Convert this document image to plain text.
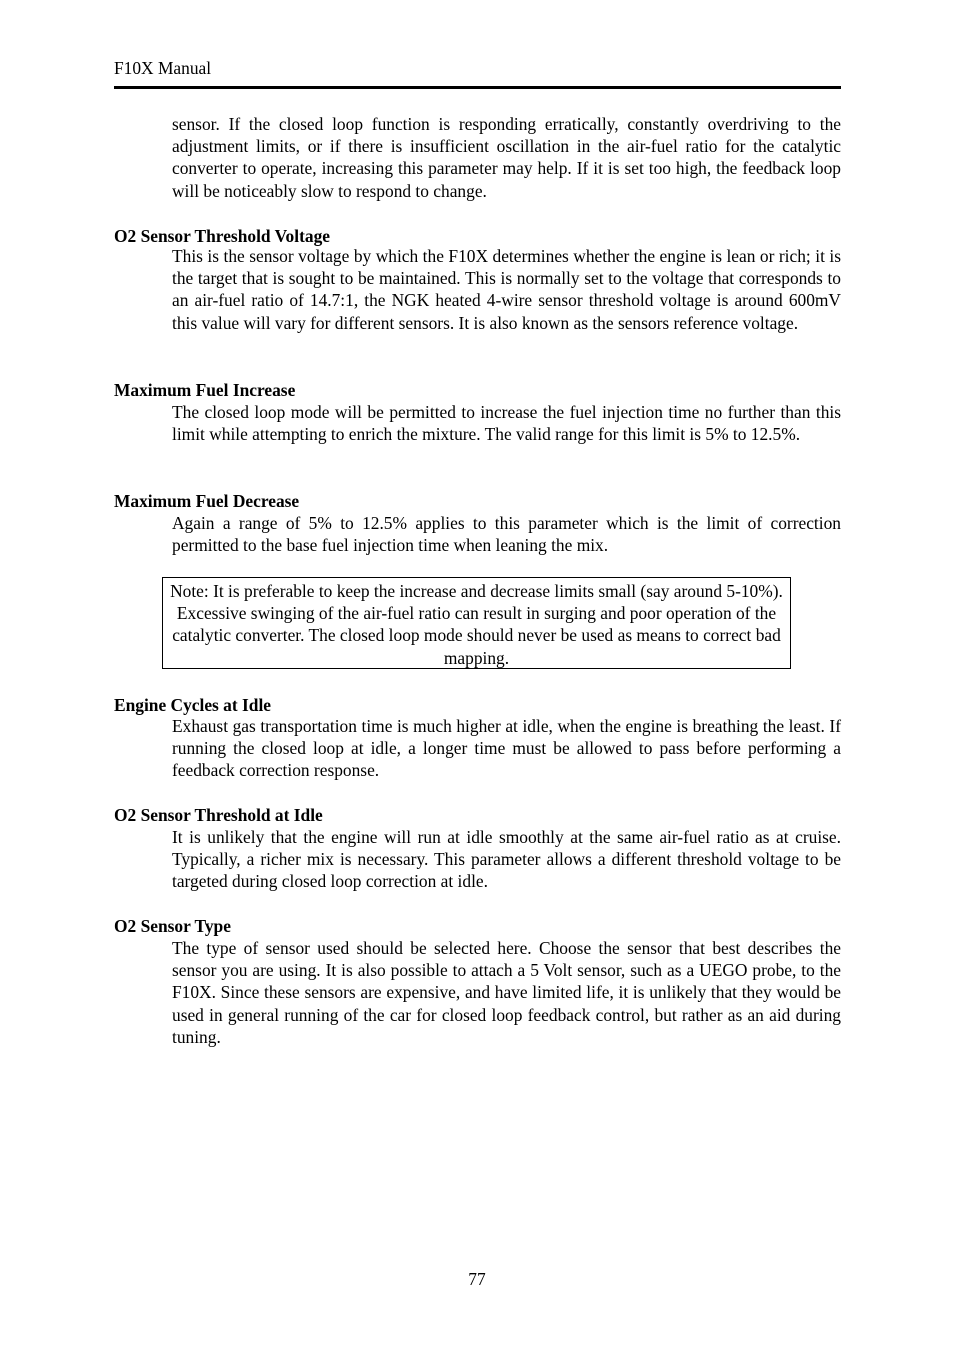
F10X Manual

sensor. If the closed loop function is responding erratically, constantly overdriving to the adjustment limits, or if there is insufficient oscillation in the air-fuel ratio for the catalytic converter to operate, increasing this parameter may help. If it is set too high, the feedback loop will be noticeably slow to respond to change.

O2 Sensor Threshold Voltage

This is the sensor voltage by which the F10X determines whether the engine is lean or rich; it is the target that is sought to be maintained. This is normally set to the voltage that corresponds to an air-fuel ratio of 14.7:1, the NGK heated 4-wire sensor threshold voltage is around 600mV this value will vary for different sensors. It is also known as the sensors reference voltage.

Maximum Fuel Increase

The closed loop mode will be permitted to increase the fuel injection time no further than this limit while attempting to enrich the mixture. The valid range for this limit is 5% to 12.5%.

Maximum Fuel Decrease

Again a range of 5% to 12.5% applies to this parameter which is the limit of correction permitted to the base fuel injection time when leaning the mix.

Note: It is preferable to keep the increase and decrease limits small (say around 5-10%). Excessive swinging of the air-fuel ratio can result in surging and poor operation of the catalytic converter. The closed loop mode should never be used as means to correct bad mapping.

Engine Cycles at Idle

Exhaust gas transportation time is much higher at idle, when the engine is breathing the least. If running the closed loop at idle, a longer time must be allowed to pass before performing a feedback correction response.

O2 Sensor Threshold at Idle

It is unlikely that the engine will run at idle smoothly at the same air-fuel ratio as at cruise. Typically, a richer mix is necessary. This parameter allows a different threshold voltage to be targeted during closed loop correction at idle.

O2 Sensor Type

The type of sensor used should be selected here. Choose the sensor that best describes the sensor you are using. It is also possible to attach a 5 Volt sensor, such as a UEGO probe, to the F10X. Since these sensors are expensive, and have limited life, it is unlikely that they would be used in general running of the car for closed loop feedback control, but rather as an aid during tuning.

77
